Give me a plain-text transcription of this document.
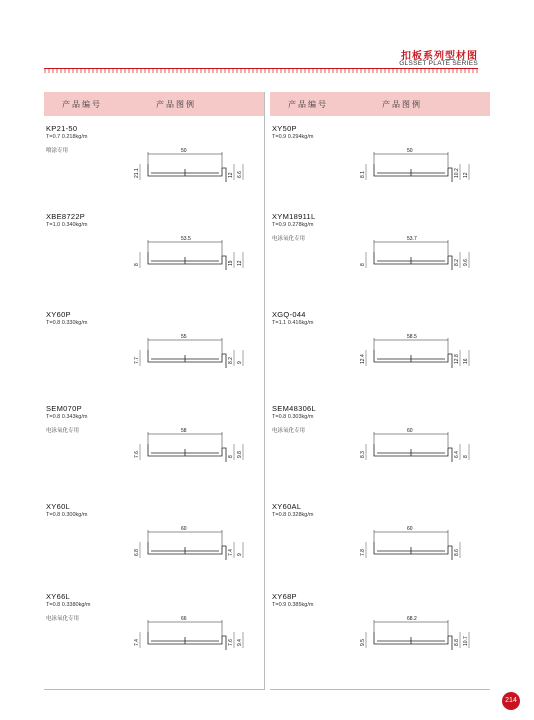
扣板系列型材图
GLSSET PLATE SERIES
产品编号	产品图例
KP21-50
T=0.7 0.218kg/m
喷涂专用	50
21.1	12 6.6
XBE8722P
T=1.0 0.340kg/m
53.5
8	19 12
XY60P
T=0.8 0.330kg/m
55
7.7	8.2 9
SEM070P
T=0.8 0.343kg/m
电泳氧化专用	58
7.6	8 9.8
XY60L
T=0.8 0.300kg/m
60
6.8	7.4 9
XY66L
T=0.8 0.3380kg/m
电泳氧化专用	66
7.4	7.6 9.4
产品编号	产品图例
XY50P
T=0.9 0.294kg/m
50
8.1	10.2 12
XYM18911L
T=0.9 0.278kg/m
电泳氧化专用	53.7
8	8.2 9.6
XGQ-044
T=1.1 0.416kg/m
58.5
12.4	12.8 16
SEM48306L
T=0.8 0.303kg/m
电泳氧化专用	60
8.3	6.4 8
XY60AL
T=0.8 0.328kg/m
60
7.8	8.6
XY68P
T=0.9 0.385kg/m
68.2
9.5	8.8 10.7
214
